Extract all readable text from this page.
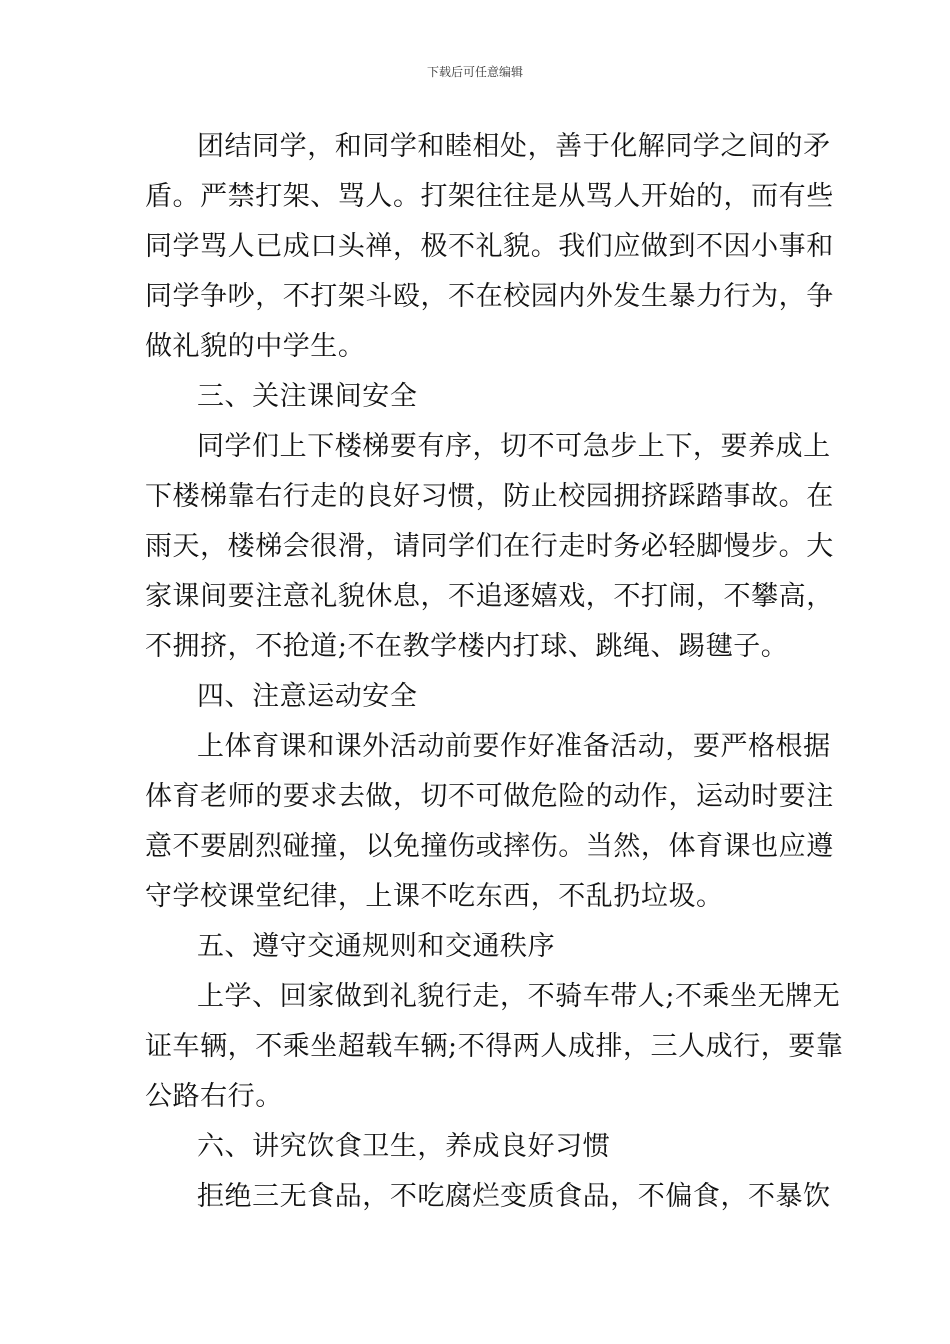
下载后可任意编辑
团结同学，和同学和睦相处，善于化解同学之间的矛
盾。严禁打架、骂人。打架往往是从骂人开始的，而有些
同学骂人已成口头禅，极不礼貌。我们应做到不因小事和
同学争吵，不打架斗殴，不在校园内外发生暴力行为，争
做礼貌的中学生。
三、关注课间安全
同学们上下楼梯要有序，切不可急步上下，要养成上
下楼梯靠右行走的良好习惯，防止校园拥挤踩踏事故。在
雨天，楼梯会很滑，请同学们在行走时务必轻脚慢步。大
家课间要注意礼貌休息，不追逐嬉戏，不打闹，不攀高，
不拥挤，不抢道;不在教学楼内打球、跳绳、踢毽子。
四、注意运动安全
上体育课和课外活动前要作好准备活动，要严格根据
体育老师的要求去做，切不可做危险的动作，运动时要注
意不要剧烈碰撞，以免撞伤或摔伤。当然，体育课也应遵
守学校课堂纪律，上课不吃东西，不乱扔垃圾。
五、遵守交通规则和交通秩序
上学、回家做到礼貌行走，不骑车带人;不乘坐无牌无
证车辆，不乘坐超载车辆;不得两人成排，三人成行，要靠
公路右行。
六、讲究饮食卫生，养成良好习惯
拒绝三无食品，不吃腐烂变质食品，不偏食，不暴饮
